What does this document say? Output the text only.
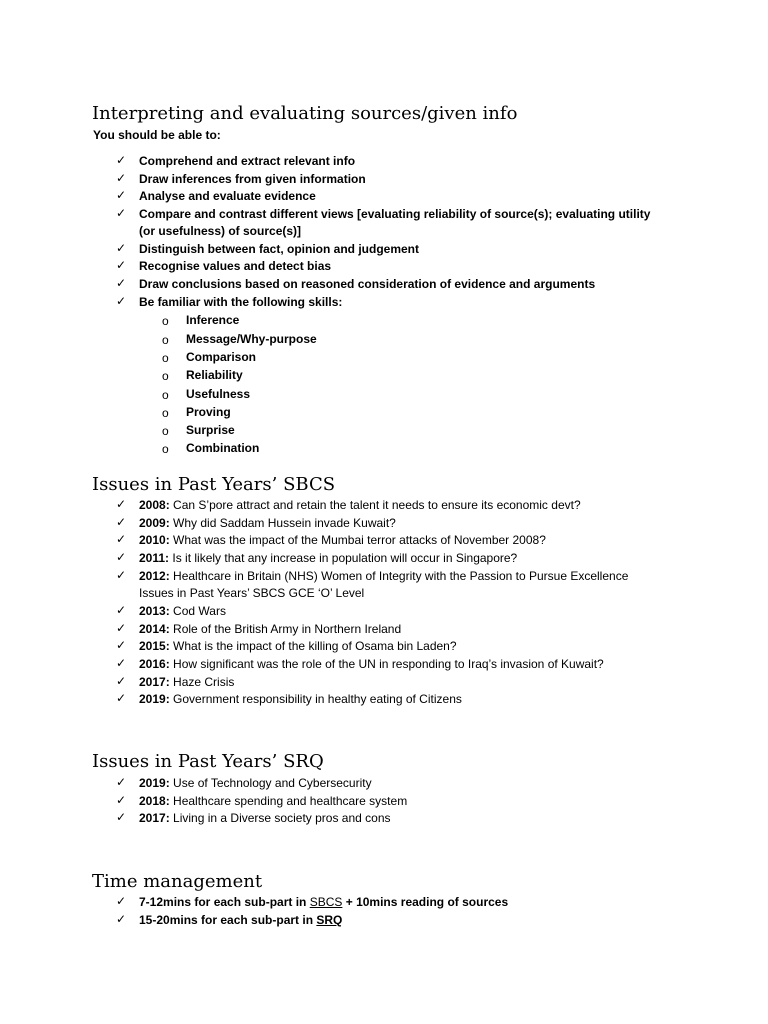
Interpreting and evaluating sources/given info
You should be able to:
✓ Comprehend and extract relevant info
✓ Draw inferences from given information
✓ Analyse and evaluate evidence
✓ Compare and contrast different views [evaluating reliability of source(s); evaluating utility
(or usefulness) of source(s)]
✓ Distinguish between fact, opinion and judgement
✓ Recognise values and detect bias
✓ Draw conclusions based on reasoned consideration of evidence and arguments
✓ Be familiar with the following skills:
o Inference
o Message/Why-purpose
o Comparison
o Reliability
o Usefulness
o Proving
o Surprise
o Combination
Issues in Past Years’ SBCS
✓ 2008: Can S’pore attract and retain the talent it needs to ensure its economic devt?
✓ 2009: Why did Saddam Hussein invade Kuwait?
✓ 2010: What was the impact of the Mumbai terror attacks of November 2008?
✓ 2011: Is it likely that any increase in population will occur in Singapore?
✓ 2012: Healthcare in Britain (NHS) Women of Integrity with the Passion to Pursue Excellence
Issues in Past Years’ SBCS GCE ‘O’ Level
✓ 2013: Cod Wars
✓ 2014: Role of the British Army in Northern Ireland
✓ 2015: What is the impact of the killing of Osama bin Laden?
✓ 2016: How significant was the role of the UN in responding to Iraq’s invasion of Kuwait?
✓ 2017: Haze Crisis
✓ 2019: Government responsibility in healthy eating of Citizens
Issues in Past Years’ SRQ
✓ 2019: Use of Technology and Cybersecurity
✓ 2018: Healthcare spending and healthcare system
✓ 2017: Living in a Diverse society pros and cons
Time management
✓ 7-12mins for each sub-part in SBCS + 10mins reading of sources
✓ 15-20mins for each sub-part in SRQ
